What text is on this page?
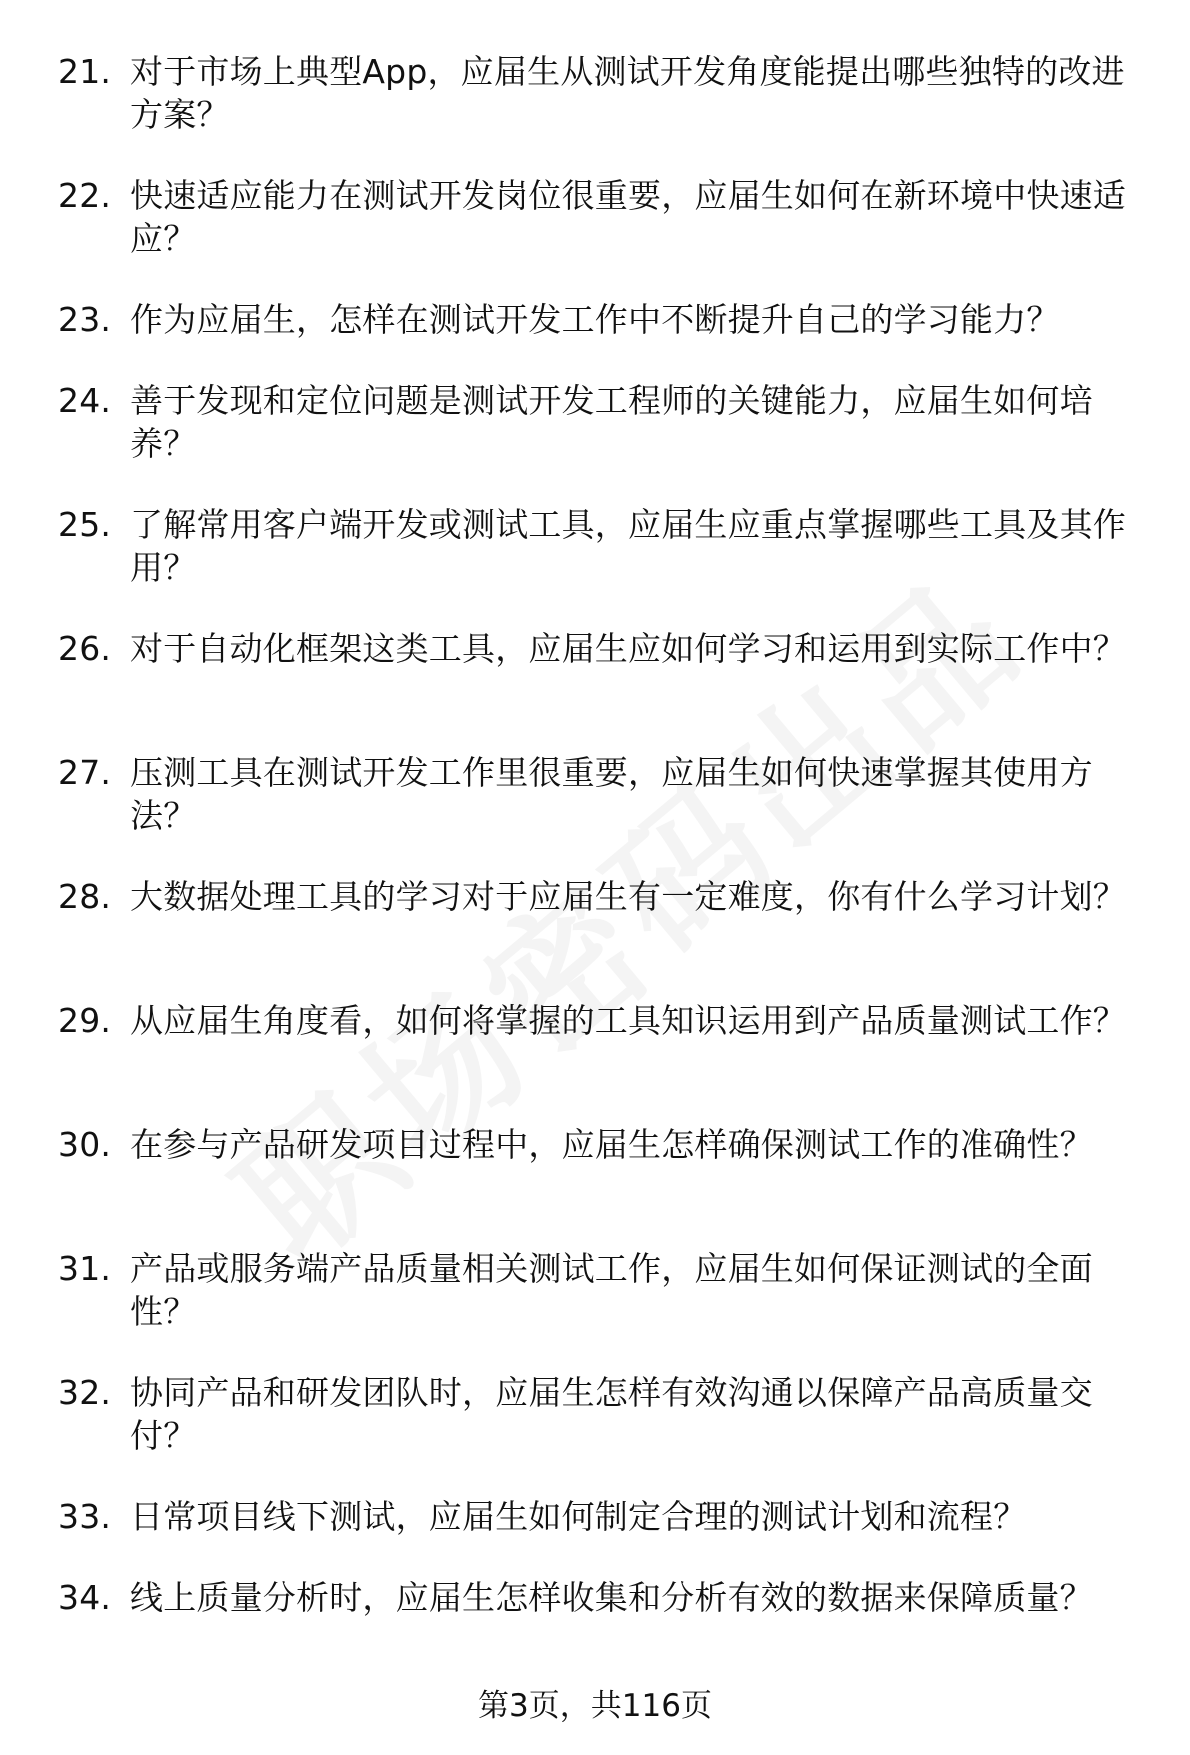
21. 对于市场上典型App，应届生从测试开发角度能提出哪些独特的改进方案？
22. 快速适应能力在测试开发岗位很重要，应届生如何在新环境中快速适应？
23. 作为应届生，怎样在测试开发工作中不断提升自己的学习能力？
24. 善于发现和定位问题是测试开发工程师的关键能力，应届生如何培养？
25. 了解常用客户端开发或测试工具，应届生应重点掌握哪些工具及其作用？
26. 对于自动化框架这类工具，应届生应如何学习和运用到实际工作中？
27. 压测工具在测试开发工作里很重要，应届生如何快速掌握其使用方法？
28. 大数据处理工具的学习对于应届生有一定难度，你有什么学习计划？
29. 从应届生角度看，如何将掌握的工具知识运用到产品质量测试工作？
30. 在参与产品研发项目过程中，应届生怎样确保测试工作的准确性？
31. 产品或服务端产品质量相关测试工作，应届生如何保证测试的全面性？
32. 协同产品和研发团队时，应届生怎样有效沟通以保障产品高质量交付？
33. 日常项目线下测试，应届生如何制定合理的测试计划和流程？
34. 线上质量分析时，应届生怎样收集和分析有效的数据来保障质量？
第3页，共116页
